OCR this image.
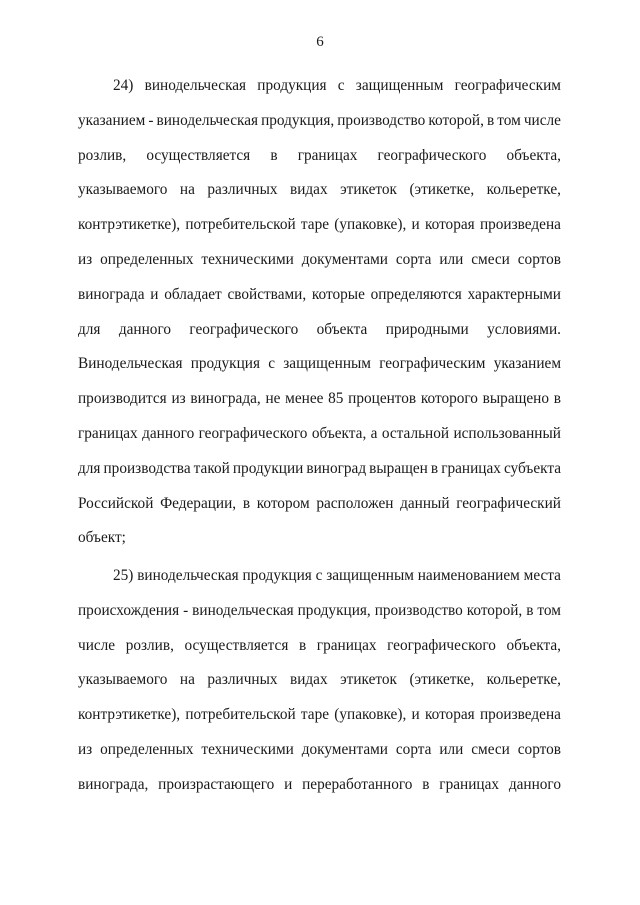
6
24) винодельческая продукция с защищенным географическим
указанием - винодельческая продукция, производство которой, в том числе
розлив, осуществляется в границах географического объекта,
указываемого на различных видах этикеток (этикетке, кольеретке,
контрэтикетке), потребительской таре (упаковке), и которая произведена
из определенных техническими документами сорта или смеси сортов
винограда и обладает свойствами, которые определяются характерными
для данного географического объекта природными условиями.
Винодельческая продукция с защищенным географическим указанием
производится из винограда, не менее 85 процентов которого выращено в
границах данного географического объекта, а остальной использованный
для производства такой продукции виноград выращен в границах субъекта
Российской Федерации, в котором расположен данный географический
объект;
25) винодельческая продукция с защищенным наименованием места
происхождения - винодельческая продукция, производство которой, в том
числе розлив, осуществляется в границах географического объекта,
указываемого на различных видах этикеток (этикетке, кольеретке,
контрэтикетке), потребительской таре (упаковке), и которая произведена
из определенных техническими документами сорта или смеси сортов
винограда, произрастающего и переработанного в границах данного
